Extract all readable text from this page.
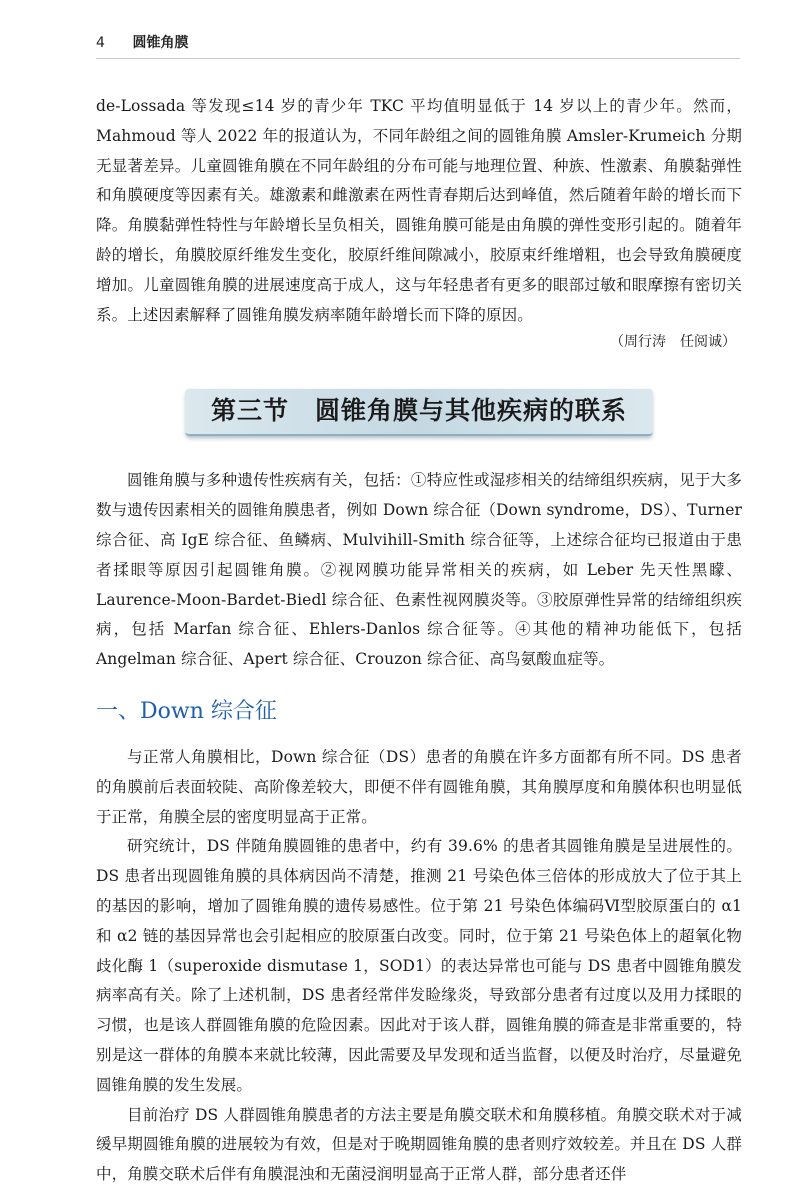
4 圆锥角膜

de-Lossada 等发现≤14 岁的青少年 TKC 平均值明显低于 14 岁以上的青少年。然而，Mahmoud 等人 2022 年的报道认为，不同年龄组之间的圆锥角膜 Amsler-Krumeich 分期无显著差异。儿童圆锥角膜在不同年龄组的分布可能与地理位置、种族、性激素、角膜黏弹性和角膜硬度等因素有关。雄激素和雌激素在两性青春期后达到峰值，然后随着年龄的增长而下降。角膜黏弹性特性与年龄增长呈负相关，圆锥角膜可能是由角膜的弹性变形引起的。随着年龄的增长，角膜胶原纤维发生变化，胶原纤维间隙减小，胶原束纤维增粗，也会导致角膜硬度增加。儿童圆锥角膜的进展速度高于成人，这与年轻患者有更多的眼部过敏和眼摩擦有密切关系。上述因素解释了圆锥角膜发病率随年龄增长而下降的原因。

（周行涛　任阅诚）

第三节 圆锥角膜与其他疾病的联系

圆锥角膜与多种遗传性疾病有关，包括：①特应性或湿疹相关的结缔组织疾病，见于大多数与遗传因素相关的圆锥角膜患者，例如 Down 综合征（Down syndrome，DS）、Turner 综合征、高 IgE 综合征、鱼鳞病、Mulvihill-Smith 综合征等，上述综合征均已报道由于患者揉眼等原因引起圆锥角膜。②视网膜功能异常相关的疾病，如 Leber 先天性黑矇、Laurence-Moon-Bardet-Biedl 综合征、色素性视网膜炎等。③胶原弹性异常的结缔组织疾病，包括 Marfan 综合征、Ehlers-Danlos 综合征等。④其他的精神功能低下，包括 Angelman 综合征、Apert 综合征、Crouzon 综合征、高鸟氨酸血症等。

一、Down 综合征

与正常人角膜相比，Down 综合征（DS）患者的角膜在许多方面都有所不同。DS 患者的角膜前后表面较陡、高阶像差较大，即便不伴有圆锥角膜，其角膜厚度和角膜体积也明显低于正常，角膜全层的密度明显高于正常。

研究统计，DS 伴随角膜圆锥的患者中，约有 39.6% 的患者其圆锥角膜是呈进展性的。DS 患者出现圆锥角膜的具体病因尚不清楚，推测 21 号染色体三倍体的形成放大了位于其上的基因的影响，增加了圆锥角膜的遗传易感性。位于第 21 号染色体编码Ⅵ型胶原蛋白的 α1 和 α2 链的基因异常也会引起相应的胶原蛋白改变。同时，位于第 21 号染色体上的超氧化物歧化酶 1（superoxide dismutase 1，SOD1）的表达异常也可能与 DS 患者中圆锥角膜发病率高有关。除了上述机制，DS 患者经常伴发睑缘炎，导致部分患者有过度以及用力揉眼的习惯，也是该人群圆锥角膜的危险因素。因此对于该人群，圆锥角膜的筛查是非常重要的，特别是这一群体的角膜本来就比较薄，因此需要及早发现和适当监督，以便及时治疗，尽量避免圆锥角膜的发生发展。

目前治疗 DS 人群圆锥角膜患者的方法主要是角膜交联术和角膜移植。角膜交联术对于减缓早期圆锥角膜的进展较为有效，但是对于晚期圆锥角膜的患者则疗效较差。并且在 DS 人群中，角膜交联术后伴有角膜混浊和无菌浸润明显高于正常人群，部分患者还伴
